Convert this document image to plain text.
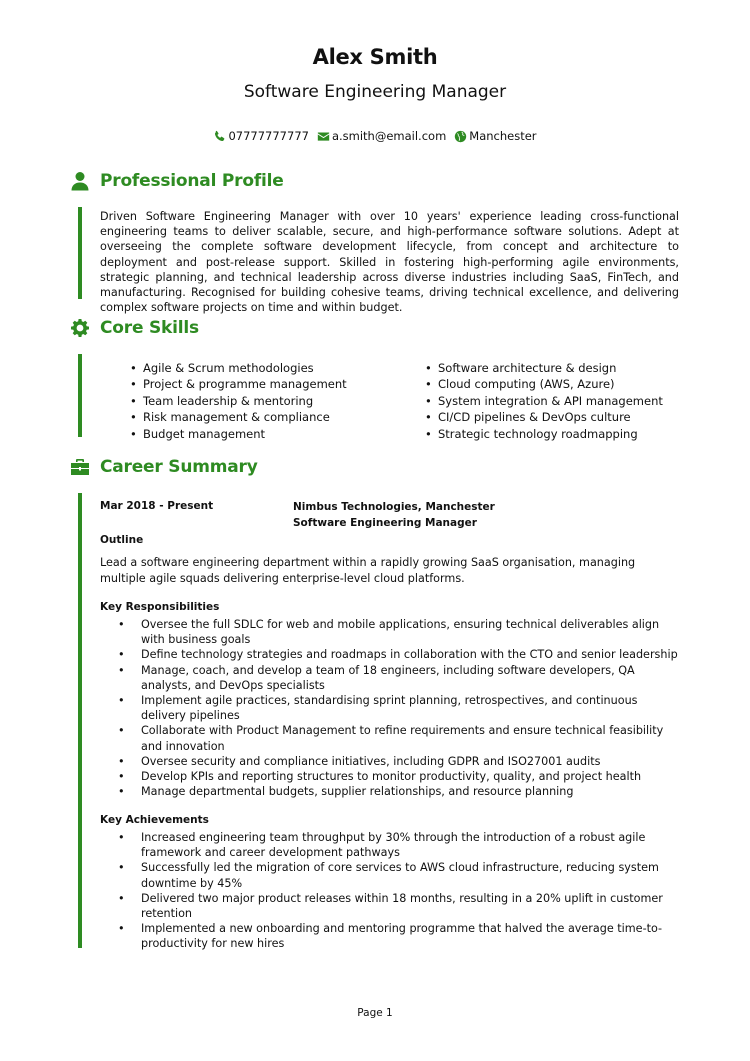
Alex Smith
Software Engineering Manager
07777777777 a.smith@email.com Manchester
Professional Profile

Driven Software Engineering Manager with over 10 years' experience leading cross-functional engineering teams to deliver scalable, secure, and high-performance software solutions. Adept at overseeing the complete software development lifecycle, from concept and architecture to deployment and post-release support. Skilled in fostering high-performing agile environments, strategic planning, and technical leadership across diverse industries including SaaS, FinTech, and manufacturing. Recognised for building cohesive teams, driving technical excellence, and delivering complex software projects on time and within budget.

Core Skills
• Agile & Scrum methodologies
• Project & programme management
• Team leadership & mentoring
• Risk management & compliance
• Budget management
• Software architecture & design
• Cloud computing (AWS, Azure)
• System integration & API management
• CI/CD pipelines & DevOps culture
• Strategic technology roadmapping
Career Summary
Mar 2018 - Present	Nimbus Technologies, Manchester
Software Engineering Manager
Outline

Lead a software engineering department within a rapidly growing SaaS organisation, managing multiple agile squads delivering enterprise-level cloud platforms.

Key Responsibilities
• Oversee the full SDLC for web and mobile applications, ensuring technical deliverables align with business goals
• Define technology strategies and roadmaps in collaboration with the CTO and senior leadership
• Manage, coach, and develop a team of 18 engineers, including software developers, QA analysts, and DevOps specialists
• Implement agile practices, standardising sprint planning, retrospectives, and continuous delivery pipelines
• Collaborate with Product Management to refine requirements and ensure technical feasibility and innovation
• Oversee security and compliance initiatives, including GDPR and ISO27001 audits
• Develop KPIs and reporting structures to monitor productivity, quality, and project health
• Manage departmental budgets, supplier relationships, and resource planning
Key Achievements
• Increased engineering team throughput by 30% through the introduction of a robust agile framework and career development pathways
• Successfully led the migration of core services to AWS cloud infrastructure, reducing system downtime by 45%
• Delivered two major product releases within 18 months, resulting in a 20% uplift in customer retention
• Implemented a new onboarding and mentoring programme that halved the average time-to-productivity for new hires
Page 1
